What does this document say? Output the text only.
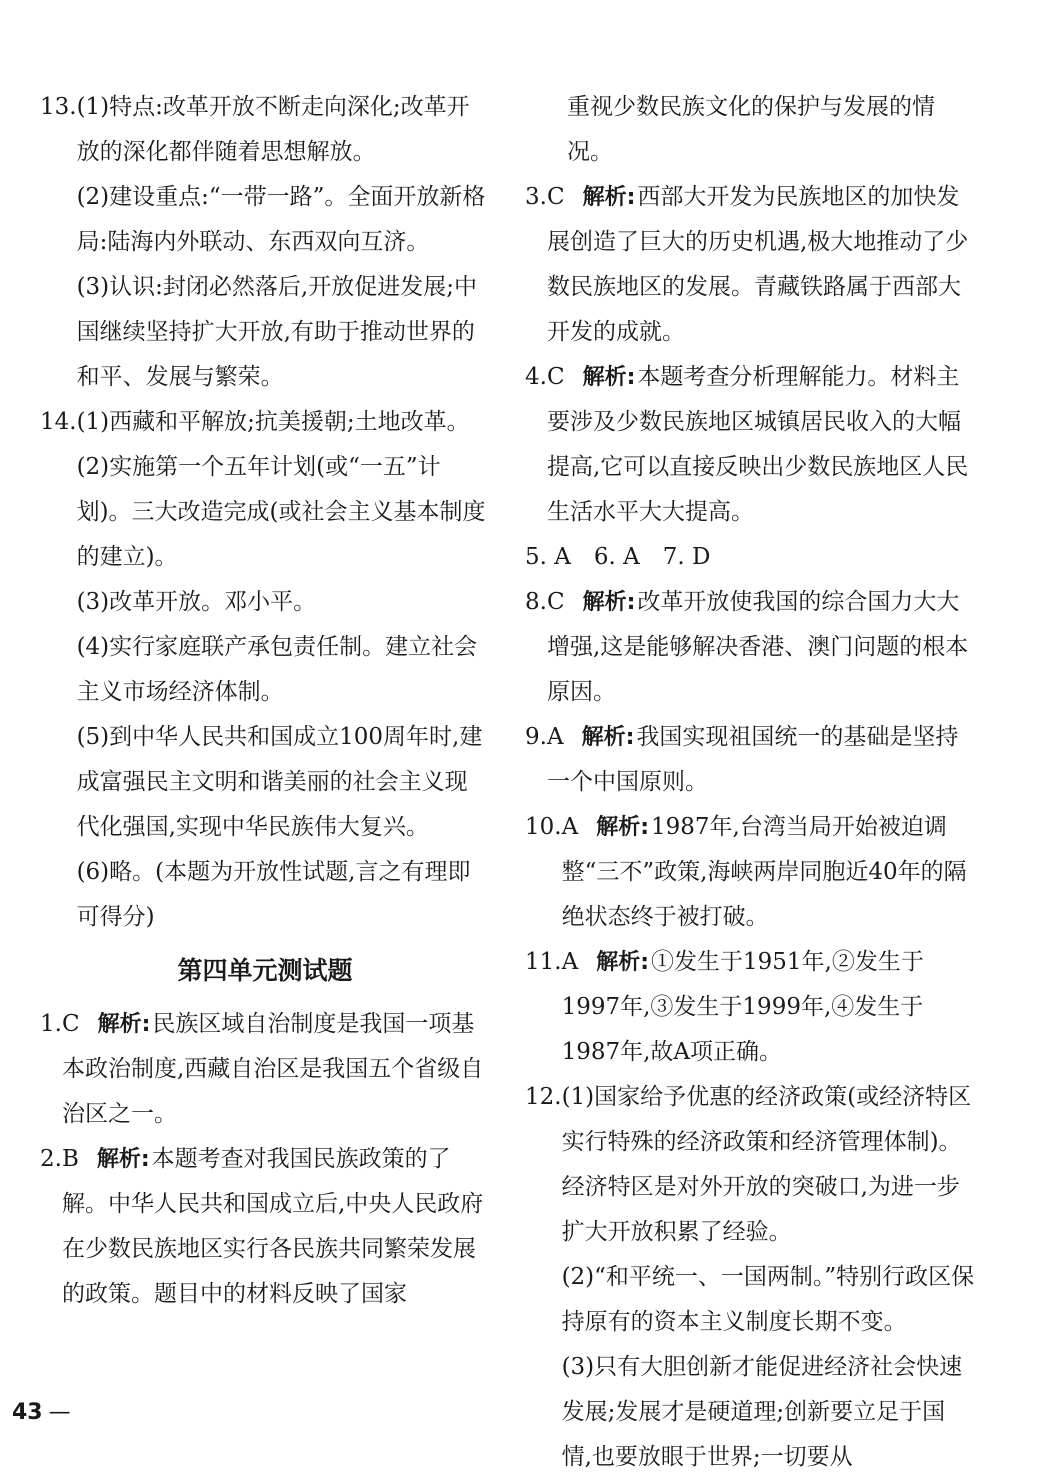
13. (1)特点:改革开放不断走向深化;改革开放的深化都伴随着思想解放。
(2)建设重点:“一带一路”。全面开放新格局:陆海内外联动、东西双向互济。
(3)认识:封闭必然落后,开放促进发展;中国继续坚持扩大开放,有助于推动世界的和平、发展与繁荣。
14. (1)西藏和平解放;抗美援朝;土地改革。
(2)实施第一个五年计划(或“一五”计划)。三大改造完成(或社会主义基本制度的建立)。
(3)改革开放。邓小平。
(4)实行家庭联产承包责任制。建立社会主义市场经济体制。
(5)到中华人民共和国成立100周年时,建成富强民主文明和谐美丽的社会主义现代化强国,实现中华民族伟大复兴。
(6)略。(本题为开放性试题,言之有理即可得分)
第四单元测试题
1. C 解析:民族区域自治制度是我国一项基本政治制度,西藏自治区是我国五个省级自治区之一。
2. B 解析:本题考查对我国民族政策的了解。中华人民共和国成立后,中央人民政府在少数民族地区实行各民族共同繁荣发展的政策。题目中的材料反映了国家
重视少数民族文化的保护与发展的情况。
3. C 解析:西部大开发为民族地区的加快发展创造了巨大的历史机遇,极大地推动了少数民族地区的发展。青藏铁路属于西部大开发的成就。
4. C 解析:本题考查分析理解能力。材料主要涉及少数民族地区城镇居民收入的大幅提高,它可以直接反映出少数民族地区人民生活水平大大提高。
5. A　6. A　7. D
8. C 解析:改革开放使我国的综合国力大大增强,这是能够解决香港、澳门问题的根本原因。
9. A 解析:我国实现祖国统一的基础是坚持一个中国原则。
10. A 解析:1987年,台湾当局开始被迫调整“三不”政策,海峡两岸同胞近40年的隔绝状态终于被打破。
11. A 解析:①发生于1951年,②发生于1997年,③发生于1999年,④发生于1987年,故A项正确。
12. (1)国家给予优惠的经济政策(或经济特区实行特殊的经济政策和经济管理体制)。经济特区是对外开放的突破口,为进一步扩大开放积累了经验。
(2)“和平统一、一国两制。”特别行政区保持原有的资本主义制度长期不变。
(3)只有大胆创新才能促进经济社会快速发展;发展才是硬道理;创新要立足于国情,也要放眼于世界;一切要从
43 —
